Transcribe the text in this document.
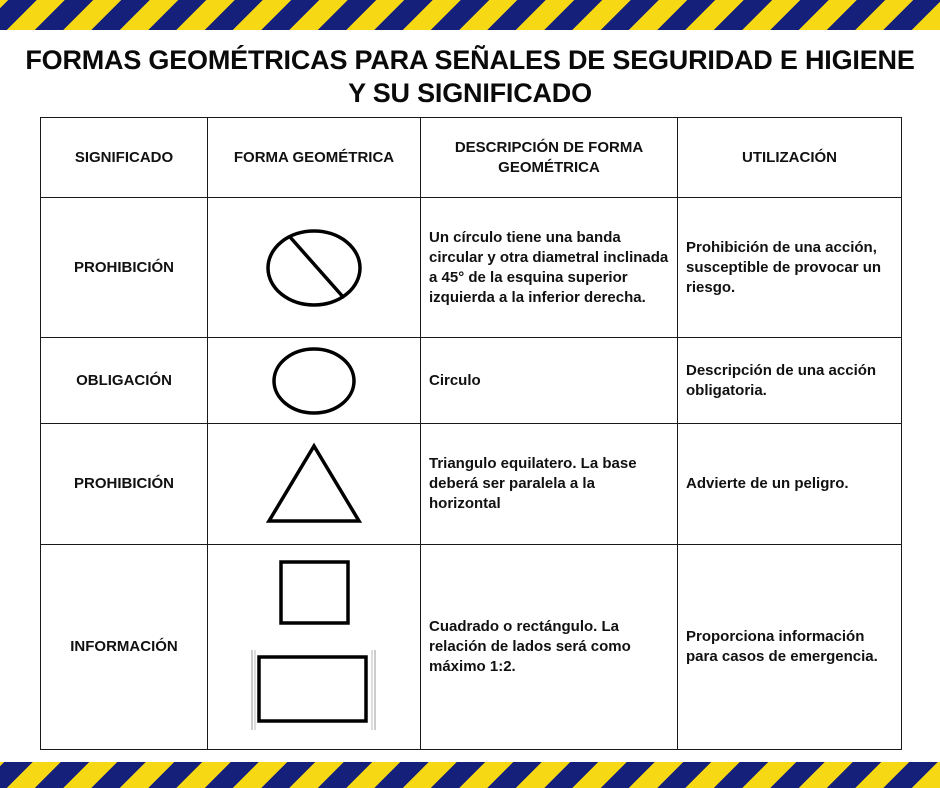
FORMAS GEOMÉTRICAS PARA SEÑALES DE SEGURIDAD E HIGIENE Y SU SIGNIFICADO
SIGNIFICADO	FORMA GEOMÉTRICA	DESCRIPCIÓN DE FORMA GEOMÉTRICA	UTILIZACIÓN
PROHIBICIÓN		Un círculo tiene una banda circular y otra diametral inclinada a 45° de la esquina superior izquierda a la inferior derecha.	Prohibición de una acción, susceptible de provocar un riesgo.
OBLIGACIÓN		Circulo	Descripción de una acción obligatoria.
PROHIBICIÓN		Triangulo equilatero. La base deberá ser paralela a la horizontal	Advierte de un peligro.
INFORMACIÓN		Cuadrado o rectángulo. La relación de lados será como máximo 1:2.	Proporciona información para casos de emergencia.
